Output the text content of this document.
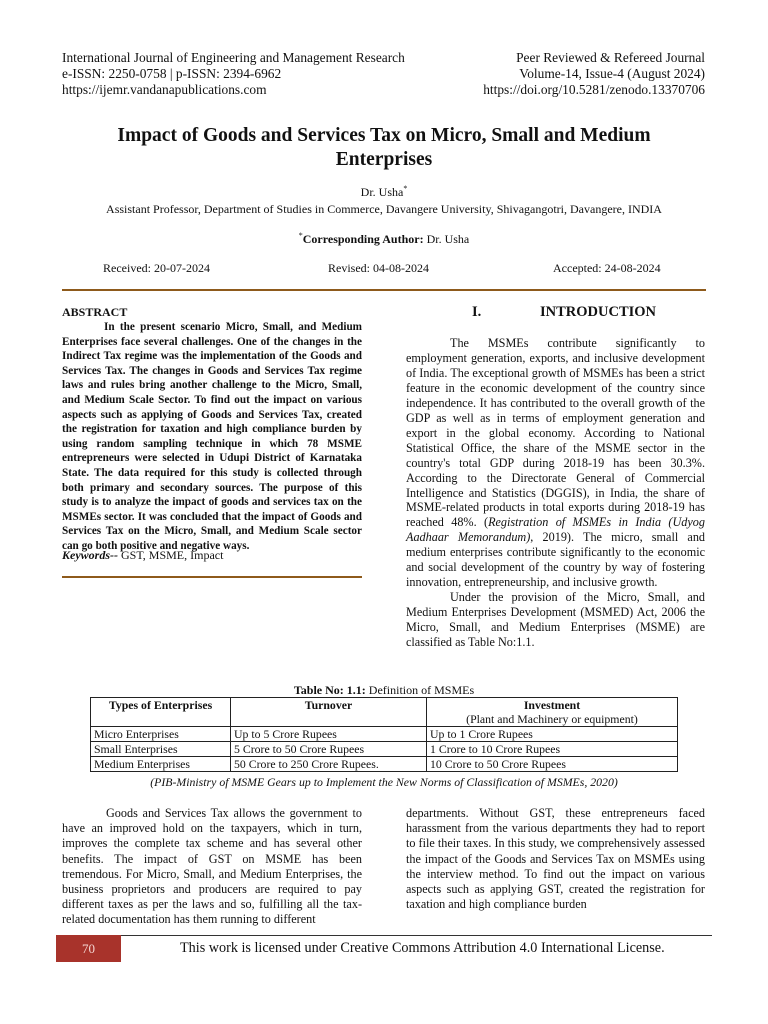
International Journal of Engineering and Management Research
e-ISSN: 2250-0758 | p-ISSN: 2394-6962
https://ijemr.vandanapublications.com
Peer Reviewed & Refereed Journal
Volume-14, Issue-4 (August 2024)
https://doi.org/10.5281/zenodo.13370706
Impact of Goods and Services Tax on Micro, Small and Medium
Enterprises
Dr. Usha*
Assistant Professor, Department of Studies in Commerce, Davangere University, Shivagangotri, Davangere, INDIA
*Corresponding Author: Dr. Usha
Received: 20-07-2024	Revised: 04-08-2024	Accepted: 24-08-2024
ABSTRACT
In the present scenario Micro, Small, and Medium Enterprises face several challenges. One of the changes in the Indirect Tax regime was the implementation of the Goods and Services Tax. The changes in Goods and Services Tax regime laws and rules bring another challenge to the Micro, Small, and Medium Scale Sector. To find out the impact on various aspects such as applying of Goods and Services Tax, created the registration for taxation and high compliance burden by using random sampling technique in which 78 MSME entrepreneurs were selected in Udupi District of Karnataka State. The data required for this study is collected through both primary and secondary sources. The purpose of this study is to analyze the impact of goods and services tax on the MSMEs sector. It was concluded that the impact of Goods and Services Tax on the Micro, Small, and Medium Scale sector can go both positive and negative ways.
Keywords-- GST, MSME, Impact
I.	INTRODUCTION

The MSMEs contribute significantly to employment generation, exports, and inclusive development of India. The exceptional growth of MSMEs has been a strict feature in the economic development of the country since independence. It has contributed to the overall growth of the GDP as well as in terms of employment generation and export in the global economy. According to National Statistical Office, the share of the MSME sector in the country's total GDP during 2018-19 has been 30.3%. According to the Directorate General of Commercial Intelligence and Statistics (DGGIS), in India, the share of MSME-related products in total exports during 2018-19 has reached 48%. (Registration of MSMEs in India (Udyog Aadhaar Memorandum), 2019). The micro, small and medium enterprises contribute significantly to the economic and social development of the country by way of fostering innovation, entrepreneurship, and inclusive growth.

Under the provision of the Micro, Small, and Medium Enterprises Development (MSMED) Act, 2006 the Micro, Small, and Medium Enterprises (MSME) are classified as Table No:1.1.

Table No: 1.1: Definition of MSMEs
Types of Enterprises	Turnover	Investment
		(Plant and Machinery or equipment)
Micro Enterprises	Up to 5 Crore Rupees	Up to 1 Crore Rupees
Small Enterprises	5 Crore to 50 Crore Rupees	1 Crore to 10 Crore Rupees
Medium Enterprises	50 Crore to 250 Crore Rupees.	10 Crore to 50 Crore Rupees
(PIB-Ministry of MSME Gears up to Implement the New Norms of Classification of MSMEs, 2020)
Goods and Services Tax allows the government to have an improved hold on the taxpayers, which in turn, improves the complete tax scheme and has several other benefits. The impact of GST on MSME has been tremendous. For Micro, Small, and Medium Enterprises, the business proprietors and producers are required to pay different taxes as per the laws and so, fulfilling all the tax-related documentation has them running to different
departments. Without GST, these entrepreneurs faced harassment from the various departments they had to report to file their taxes. In this study, we comprehensively assessed the impact of the Goods and Services Tax on MSMEs using the interview method. To find out the impact on various aspects such as applying GST, created the registration for taxation and high compliance burden
70	This work is licensed under Creative Commons Attribution 4.0 International License.
